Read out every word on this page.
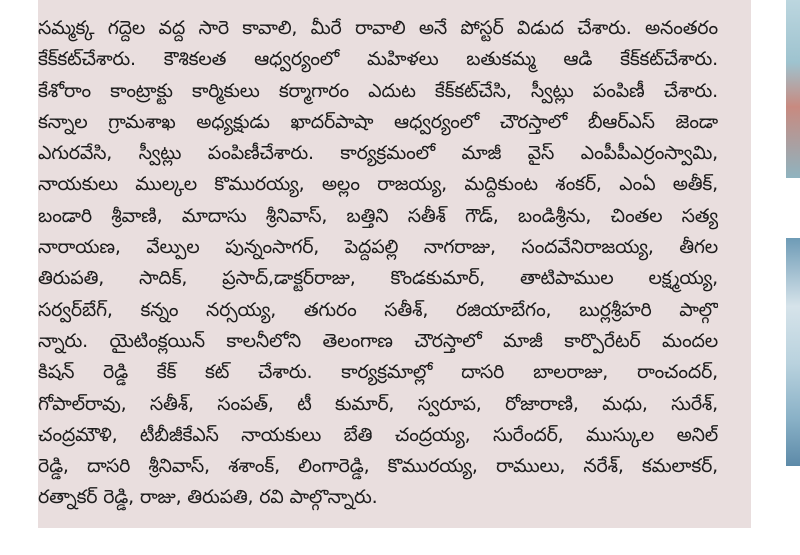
సమ్మక్క గద్దెల వద్ద సారె కావాలి, మీరే రావాలి అనే పోస్టర్ విడుద చేశారు. అనంతరం
కేక్‌కట్‌చేశారు. కౌశికలత ఆధ్వర్యంలో మహిళలు బతుకమ్మ ఆడి కేక్‌కట్‌చేశారు.
కేశోరాం కాంట్రాక్టు కార్మికులు కర్మాగారం ఎదుట కేక్‌కట్‌చేసి, స్వీట్లు పంపిణీ చేశారు.
కన్నాల గ్రామశాఖ అధ్యక్షుడు ఖాదర్‌పాషా ఆధ్వర్యంలో చౌరస్తాలో బీఆర్ఎస్ జెండా
ఎగురవేసి, స్వీట్లు పంపిణీచేశారు. కార్యక్రమంలో మాజీ వైస్ ఎంపీపీఎర్రంస్వామి,
నాయకులు ముల్కల కొమురయ్య, అల్లం రాజయ్య, మద్దికుంట శంకర్, ఎంఏ అతీక్,
బండారి శ్రీవాణి, మాదాసు శ్రీనివాస్, బత్తిని సతీశ్ గౌడ్, బండిశ్రీను, చింతల సత్య
నారాయణ, వేల్పుల పున్నంసాగర్, పెద్దపల్లి నాగరాజు, సందవేనిరాజయ్య, తీగల
తిరుపతి, సాదిక్, ప్రసాద్,డాక్టర్‌రాజు, కొండకుమార్, తాటిపాముల లక్ష్మయ్య,
సర్వర్‌బేగ్, కన్నం నర్సయ్య, తగురం సతీశ్, రజియాబేగం, బుర్లశ్రీహరి పాల్గొ
న్నారు. యైటింక్లయిన్ కాలనీలోని తెలంగాణ చౌరస్తాలో మాజీ కార్పొరేటర్ మందల
కిషన్ రెడ్డి కేక్ కట్ చేశారు. కార్యక్రమాల్లో దాసరి బాలరాజు, రాంచందర్,
గోపాల్‌రావు, సతీశ్, సంపత్, టీ కుమార్, స్వరూప, రోజారాణి, మధు, సురేశ్,
చంద్రమౌళి, టీబీజీకేఎస్ నాయకులు బేతి చంద్రయ్య, సురేందర్, ముస్కుల అనిల్
రెడ్డి, దాసరి శ్రీనివాస్, శశాంక్, లింగారెడ్డి, కొమురయ్య, రాములు, నరేశ్, కమలాకర్,
రత్నాకర్ రెడ్డి, రాజు, తిరుపతి, రవి పాల్గొన్నారు.
